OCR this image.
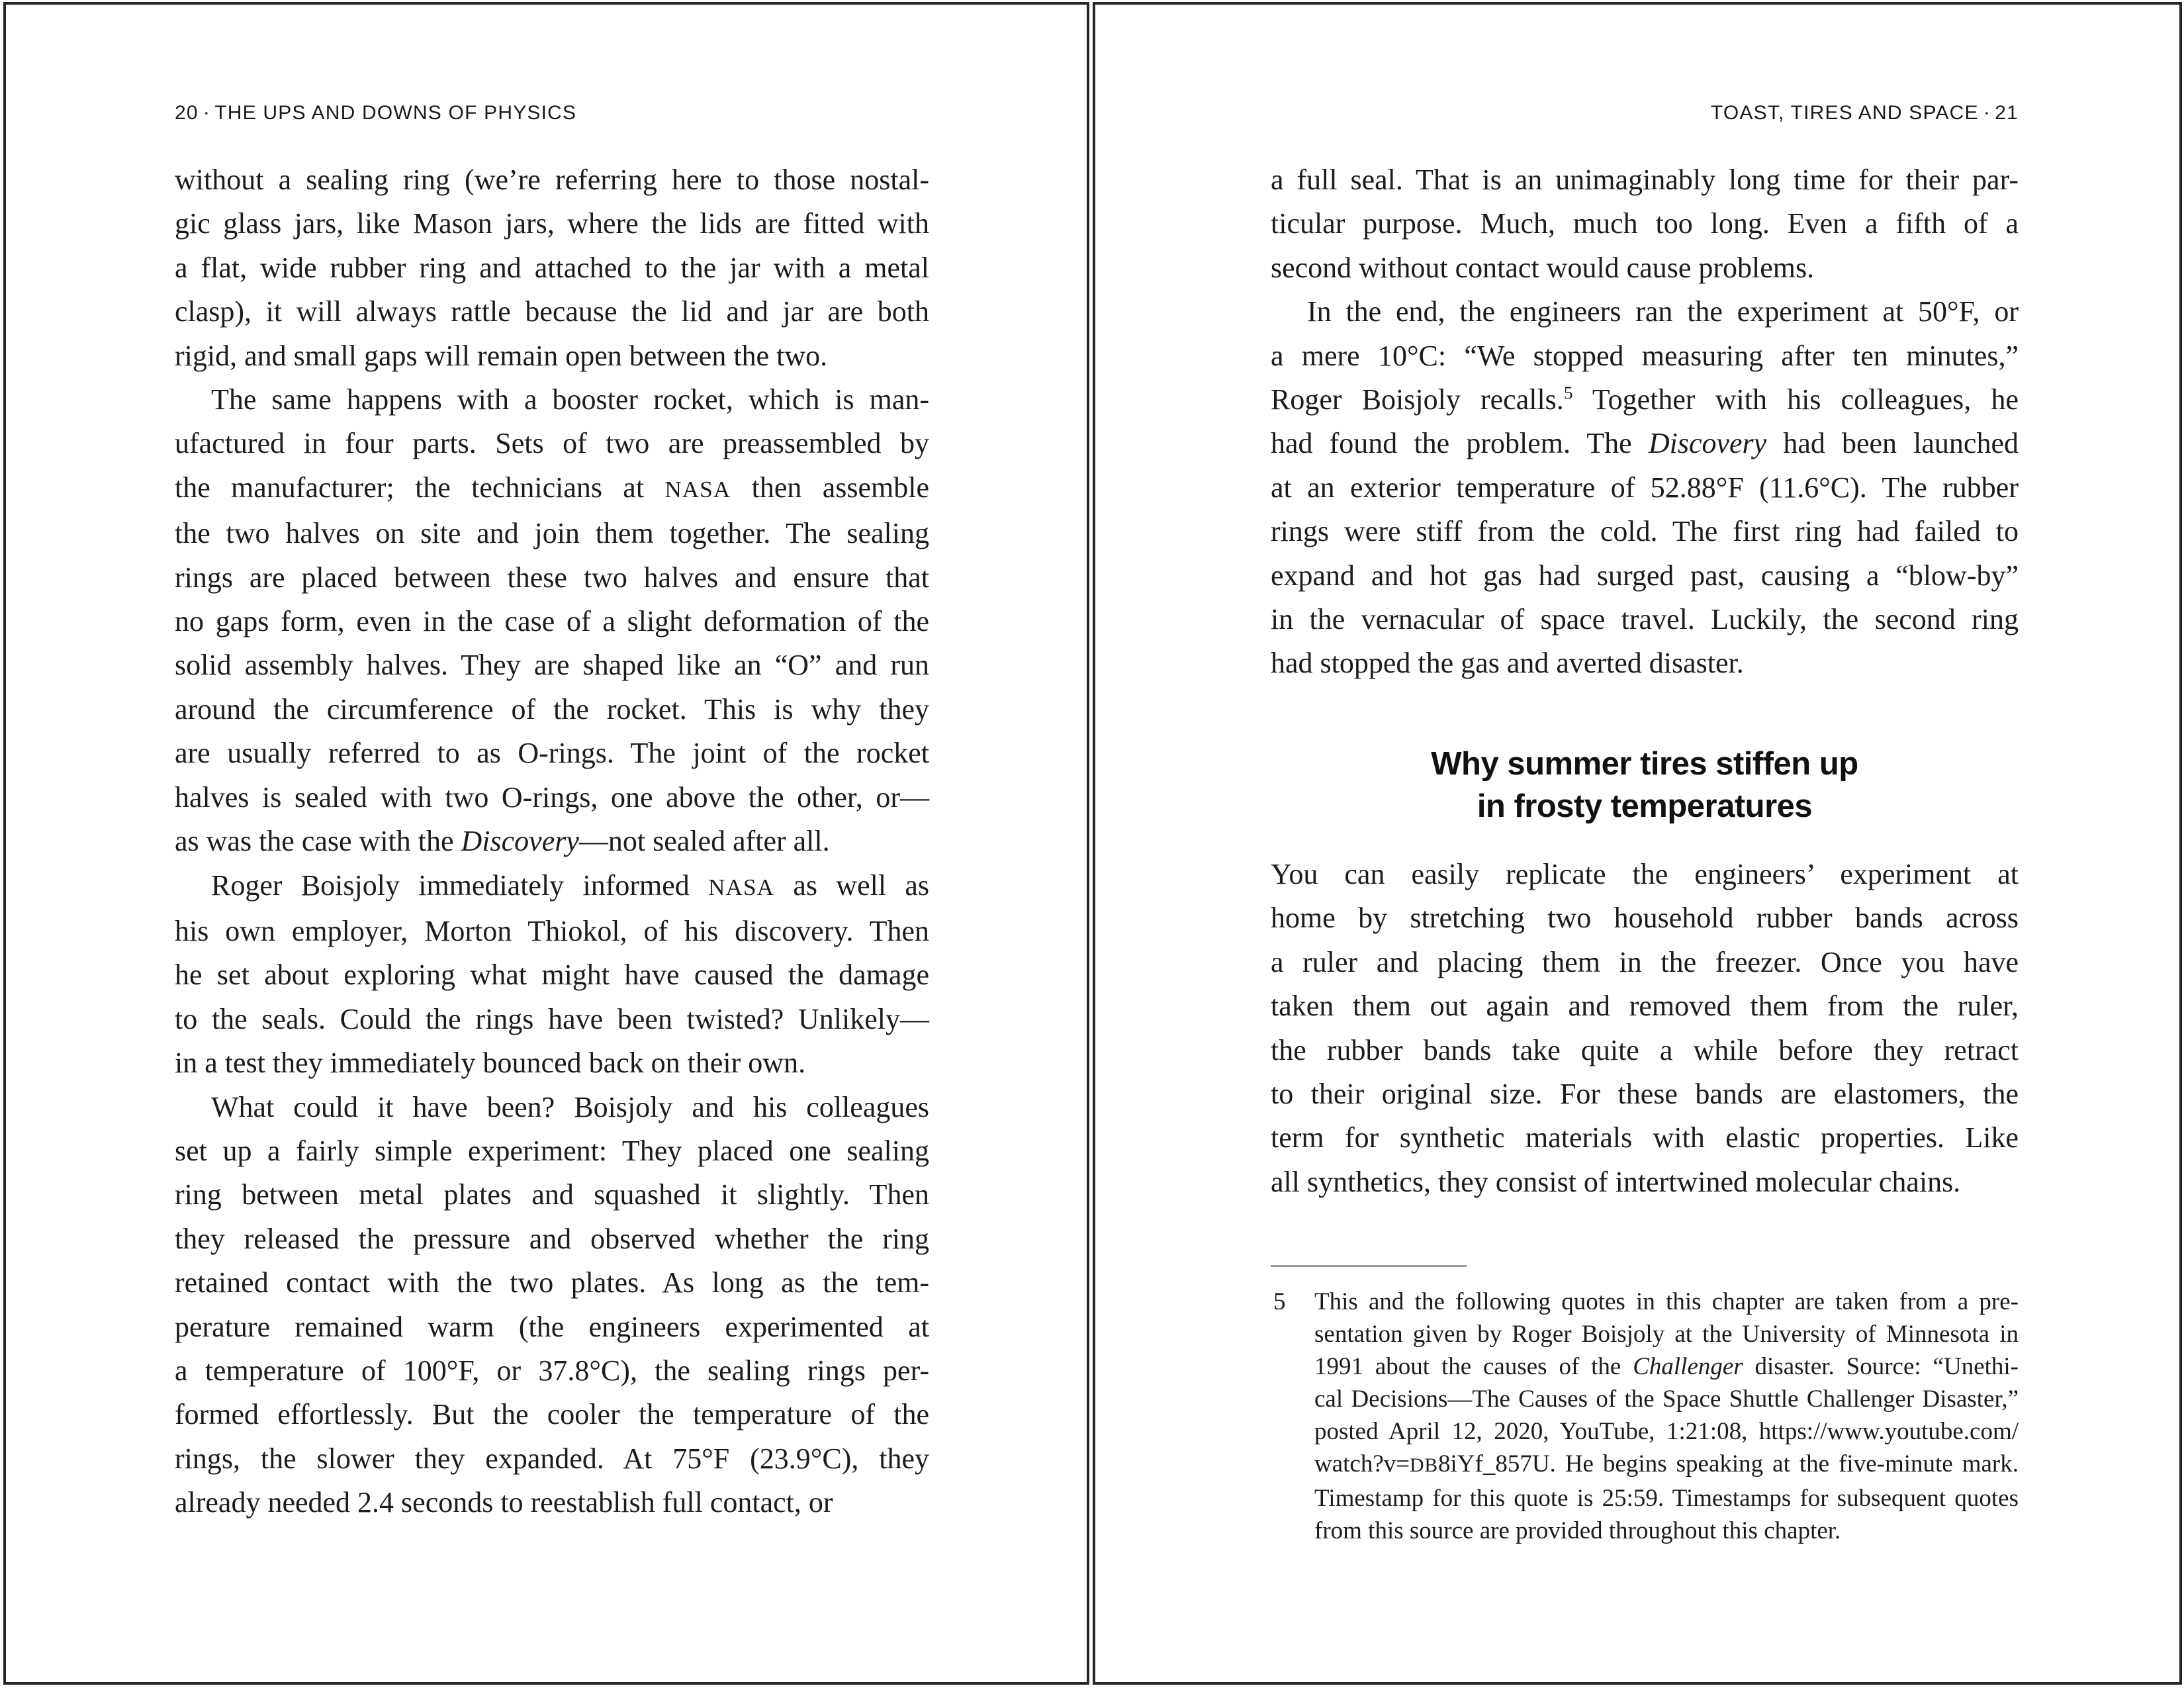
20 ▪ THE UPS AND DOWNS OF PHYSICS
without a sealing ring (we’re referring here to those nostal-
gic glass jars, like Mason jars, where the lids are fitted with
a flat, wide rubber ring and attached to the jar with a metal
clasp), it will always rattle because the lid and jar are both
rigid, and small gaps will remain open between the two.
The same happens with a booster rocket, which is man-
ufactured in four parts. Sets of two are preassembled by
the manufacturer; the technicians at NASA then assemble
the two halves on site and join them together. The sealing
rings are placed between these two halves and ensure that
no gaps form, even in the case of a slight deformation of the
solid assembly halves. They are shaped like an “O” and run
around the circumference of the rocket. This is why they
are usually referred to as O-rings. The joint of the rocket
halves is sealed with two O-rings, one above the other, or—
as was the case with the Discovery—not sealed after all.
Roger Boisjoly immediately informed NASA as well as
his own employer, Morton Thiokol, of his discovery. Then
he set about exploring what might have caused the damage
to the seals. Could the rings have been twisted? Unlikely—
in a test they immediately bounced back on their own.
What could it have been? Boisjoly and his colleagues
set up a fairly simple experiment: They placed one sealing
ring between metal plates and squashed it slightly. Then
they released the pressure and observed whether the ring
retained contact with the two plates. As long as the tem-
perature remained warm (the engineers experimented at
a temperature of 100°F, or 37.8°C), the sealing rings per-
formed effortlessly. But the cooler the temperature of the
rings, the slower they expanded. At 75°F (23.9°C), they
already needed 2.4 seconds to reestablish full contact, or
TOAST, TIRES AND SPACE ▪ 21
a full seal. That is an unimaginably long time for their par-
ticular purpose. Much, much too long. Even a fifth of a
second without contact would cause problems.
In the end, the engineers ran the experiment at 50°F, or
a mere 10°C: “We stopped measuring after ten minutes,”
Roger Boisjoly recalls.$^5$ Together with his colleagues, he
had found the problem. The Discovery had been launched
at an exterior temperature of 52.88°F (11.6°C). The rubber
rings were stiff from the cold. The first ring had failed to
expand and hot gas had surged past, causing a “blow-by”
in the vernacular of space travel. Luckily, the second ring
had stopped the gas and averted disaster.
Why summer tires stiffen up
in frosty temperatures
You can easily replicate the engineers’ experiment at
home by stretching two household rubber bands across
a ruler and placing them in the freezer. Once you have
taken them out again and removed them from the ruler,
the rubber bands take quite a while before they retract
to their original size. For these bands are elastomers, the
term for synthetic materials with elastic properties. Like
all synthetics, they consist of intertwined molecular chains.
5 This and the following quotes in this chapter are taken from a pre-
sentation given by Roger Boisjoly at the University of Minnesota in
1991 about the causes of the Challenger disaster. Source: “Unethi-
cal Decisions—The Causes of the Space Shuttle Challenger Disaster,”
posted April 12, 2020, YouTube, 1:21:08, https://www.youtube.com/
watch?v=DB8iYf_857U. He begins speaking at the five-minute mark.
Timestamp for this quote is 25:59. Timestamps for subsequent quotes
from this source are provided throughout this chapter.
